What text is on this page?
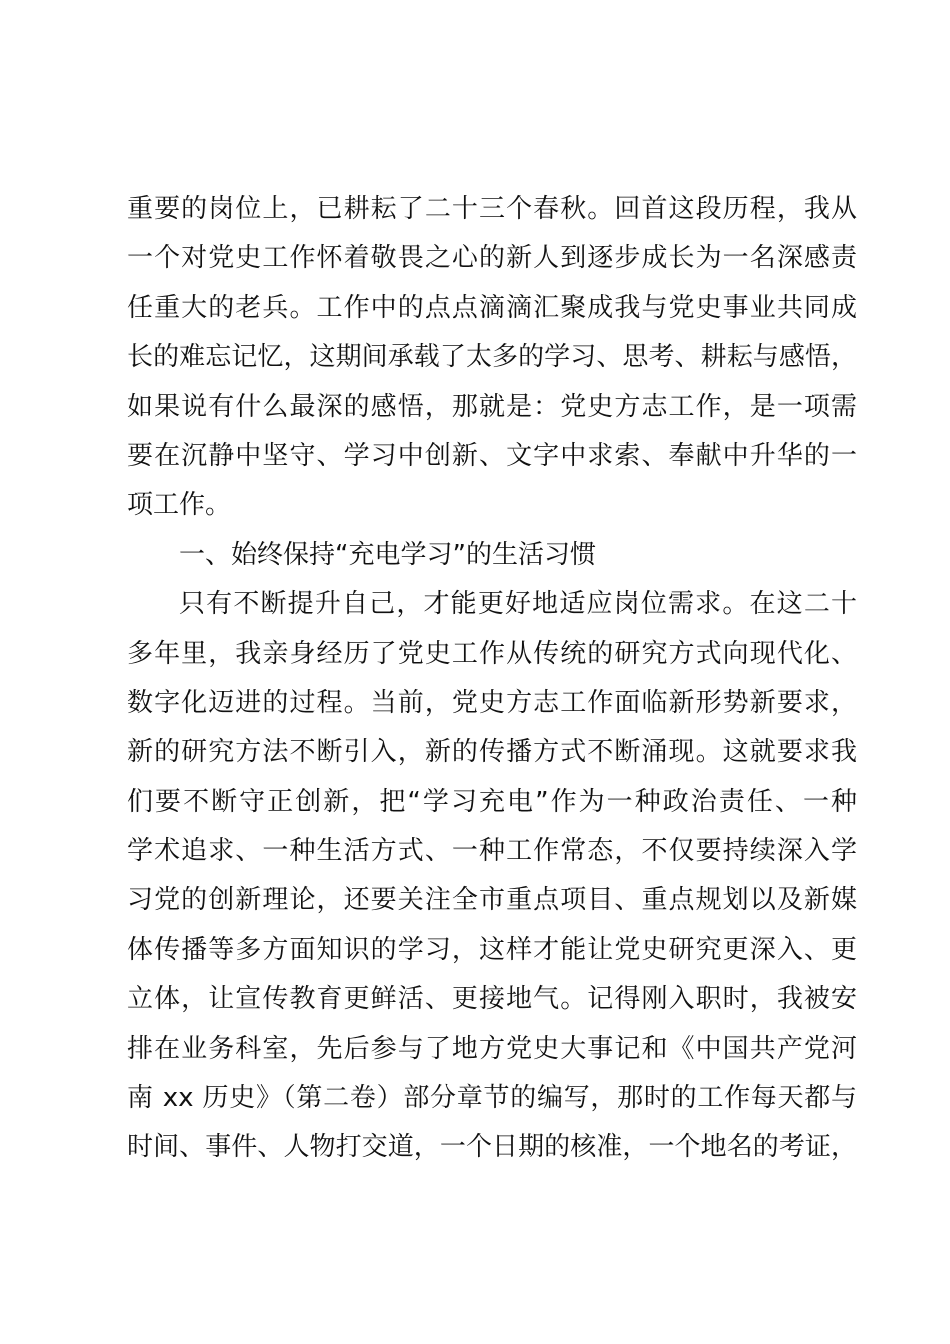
重要的岗位上，已耕耘了二十三个春秋。回首这段历程，我从
一个对党史工作怀着敬畏之心的新人到逐步成长为一名深感责
任重大的老兵。工作中的点点滴滴汇聚成我与党史事业共同成
长的难忘记忆，这期间承载了太多的学习、思考、耕耘与感悟，
如果说有什么最深的感悟，那就是：党史方志工作，是一项需
要在沉静中坚守、学习中创新、文字中求索、奉献中升华的一
项工作。
一、始终保持“充电学习”的生活习惯
只有不断提升自己，才能更好地适应岗位需求。在这二十
多年里，我亲身经历了党史工作从传统的研究方式向现代化、
数字化迈进的过程。当前，党史方志工作面临新形势新要求，
新的研究方法不断引入，新的传播方式不断涌现。这就要求我
们要不断守正创新，把“学习充电”作为一种政治责任、一种
学术追求、一种生活方式、一种工作常态，不仅要持续深入学
习党的创新理论，还要关注全市重点项目、重点规划以及新媒
体传播等多方面知识的学习，这样才能让党史研究更深入、更
立体，让宣传教育更鲜活、更接地气。记得刚入职时，我被安
排在业务科室，先后参与了地方党史大事记和《中国共产党河
南 xx 历史》（第二卷）部分章节的编写，那时的工作每天都与
时间、事件、人物打交道，一个日期的核准，一个地名的考证，
